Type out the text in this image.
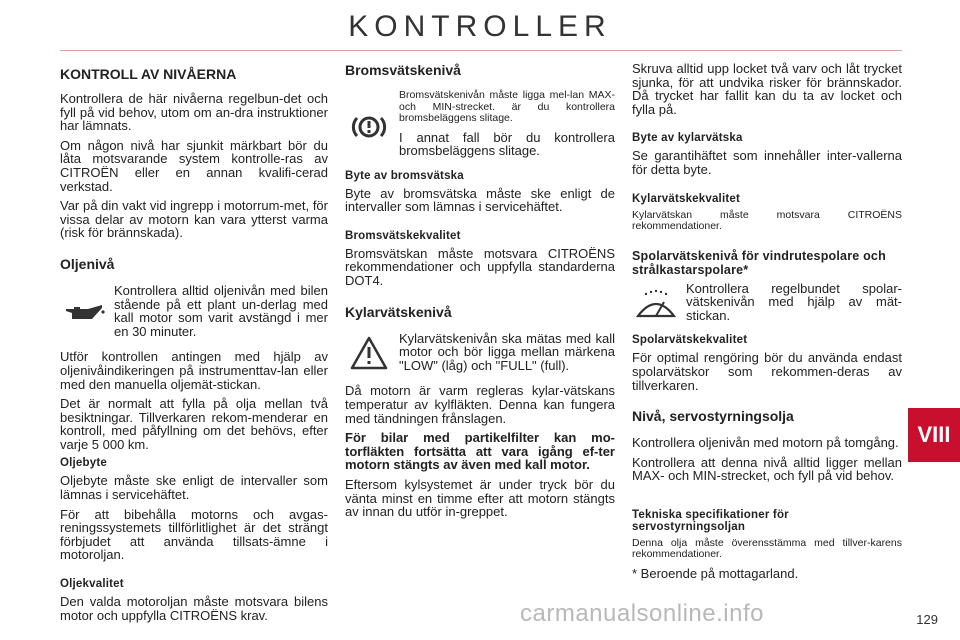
KONTROLLER
VIII
KONTROLL AV NIVÅERNA

Kontrollera de här nivåerna regelbun-det och fyll på vid behov, utom om an-dra instruktioner har lämnats.

Om någon nivå har sjunkit märkbart bör du låta motsvarande system kontrolle-ras av CITROËN eller en annan kvalifi-cerad verkstad.

Var på din vakt vid ingrepp i motorrum-met, för vissa delar av motorn kan vara ytterst varma (risk för brännskada).

Oljenivå

Kontrollera alltid oljenivån med bilen stående på ett plant un-derlag med kall motor som varit avstängd i mer en 30 minuter.

Utför kontrollen antingen med hjälp av oljenivåindikeringen på instrumenttav-lan eller med den manuella oljemät-stickan.

Det är normalt att fylla på olja mellan två besiktningar. Tillverkaren rekom-menderar en kontroll, med påfyllning om det behövs, efter varje 5 000 km.

Oljebyte

Oljebyte måste ske enligt de intervaller som lämnas i servicehäftet.

För att bibehålla motorns och avgas-reningssystemets tillförlitlighet är det strängt förbjudet att använda tillsats-ämne i motoroljan.

Oljekvalitet

Den valda motoroljan måste motsvara bilens motor och uppfylla CITROËNS krav.

Bromsvätskenivå

Bromsvätskenivån måste ligga mel-lan MAX- och MIN-strecket. är du kontrollera bromsbeläggens slitage.

I annat fall bör du kontrollera bromsbeläggens slitage.

Byte av bromsvätska

Byte av bromsvätska måste ske enligt de intervaller som lämnas i servicehäftet.

Bromsvätskekvalitet

Bromsvätskan måste motsvara CITROËNS rekommendationer och uppfylla standarderna DOT4.

Kylarvätskenivå

Kylarvätskenivån ska mätas med kall motor och bör ligga mellan märkena "LOW" (låg) och "FULL" (full).

Då motorn är varm regleras kylar-vätskans temperatur av kylfläkten. Denna kan fungera med tändningen frånslagen.

För bilar med partikelfilter kan mo-torfläkten fortsätta att vara igång ef-ter motorn stängts av även med kall motor.

Eftersom kylsystemet är under tryck bör du vänta minst en timme efter att motorn stängts av innan du utför in-greppet.

Skruva alltid upp locket två varv och låt trycket sjunka, för att undvika risker för brännskador. Då trycket har fallit kan du ta av locket och fylla på.

Byte av kylarvätska

Se garantihäftet som innehåller inter-vallerna för detta byte.

Kylarvätskekvalitet

Kylarvätskan måste motsvara CITROËNS rekommendationer.

Spolarvätskenivå för vindrutespolare och strålkastarspolare*

Kontrollera regelbundet spolar-vätskenivån med hjälp av mät-stickan.

Spolarvätskekvalitet

För optimal rengöring bör du använda endast spolarvätskor som rekommen-deras av tillverkaren.

Nivå, servostyrningsolja

Kontrollera oljenivån med motorn på tomgång.

Kontrollera att denna nivå alltid ligger mellan MAX- och MIN-strecket, och fyll på vid behov.

Tekniska specifikationer för servostyrningsoljan

Denna olja måste överensstämma med tillver-karens rekommendationer.

* Beroende på mottagarland.

129
carmanualsonline.info
